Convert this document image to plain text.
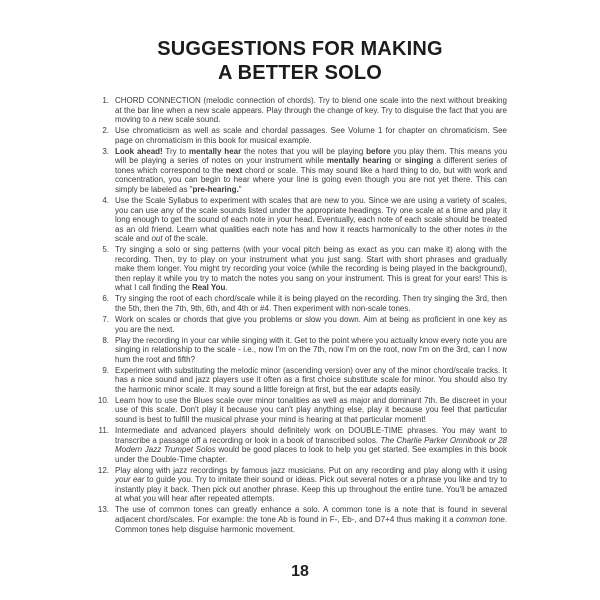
SUGGESTIONS FOR MAKING
A BETTER SOLO
1. CHORD CONNECTION (melodic connection of chords). Try to blend one scale into the next without breaking at the bar line when a new scale appears. Play through the change of key. Try to disguise the fact that you are moving to a new scale sound.
2. Use chromaticism as well as scale and chordal passages. See Volume 1 for chapter on chromaticism. See page on chromaticism in this book for musical example.
3. Look ahead! Try to mentally hear the notes that you will be playing before you play them. This means you will be playing a series of notes on your instrument while mentally hearing or singing a different series of tones which correspond to the next chord or scale. This may sound like a hard thing to do, but with work and concentration, you can begin to hear where your line is going even though you are not yet there. This can simply be labeled as "pre-hearing."
4. Use the Scale Syllabus to experiment with scales that are new to you. Since we are using a variety of scales, you can use any of the scale sounds listed under the appropriate headings. Try one scale at a time and play it long enough to get the sound of each note in your head. Eventually, each note of each scale should be treated as an old friend. Learn what qualities each note has and how it reacts harmonically to the other notes in the scale and out of the scale.
5. Try singing a solo or sing patterns (with your vocal pitch being as exact as you can make it) along with the recording. Then, try to play on your instrument what you just sang. Start with short phrases and gradually make them longer. You might try recording your voice (while the recording is being played in the background), then replay it while you try to match the notes you sang on your instrument. This is great for your ears! This is what I call finding the Real You.
6. Try singing the root of each chord/scale while it is being played on the recording. Then try singing the 3rd, then the 5th, then the 7th, 9th, 6th, and 4th or #4. Then experiment with non-scale tones.
7. Work on scales or chords that give you problems or slow you down. Aim at being as proficient in one key as you are the next.
8. Play the recording in your car while singing with it. Get to the point where you actually know every note you are singing in relationship to the scale - i.e., now I'm on the 7th, now I'm on the root, now I'm on the 3rd, can I now hum the root and fifth?
9. Experiment with substituting the melodic minor (ascending version) over any of the minor chord/scale tracks. It has a nice sound and jazz players use it often as a first choice substitute scale for minor. You should also try the harmonic minor scale. It may sound a little foreign at first, but the ear adapts easily.
10. Learn how to use the Blues scale over minor tonalities as well as major and dominant 7th. Be discreet in your use of this scale. Don't play it because you can't play anything else, play it because you feel that particular sound is best to fulfill the musical phrase your mind is hearing at that particular moment!
11. Intermediate and advanced players should definitely work on DOUBLE-TIME phrases. You may want to transcribe a passage off a recording or look in a book of transcribed solos. The Charlie Parker Omnibook or 28 Modern Jazz Trumpet Solos would be good places to look to help you get started. See examples in this book under the Double-Time chapter.
12. Play along with jazz recordings by famous jazz musicians. Put on any recording and play along with it using your ear to guide you. Try to imitate their sound or ideas. Pick out several notes or a phrase you like and try to instantly play it back. Then pick out another phrase. Keep this up throughout the entire tune. You'll be amazed at what you will hear after repeated attempts.
13. The use of common tones can greatly enhance a solo. A common tone is a note that is found in several adjacent chord/scales. For example: the tone Ab is found in F-, Eb-, and D7+4 thus making it a common tone. Common tones help disguise harmonic movement.
18
